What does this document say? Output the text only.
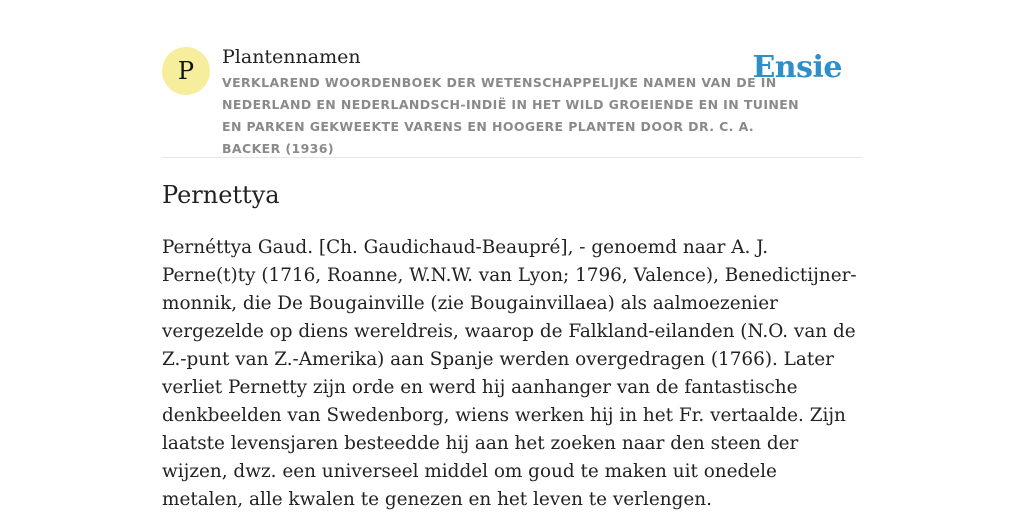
P	Plantennamen
VERKLAREND WOORDENBOEK DER WETENSCHAPPELIJKE NAMEN VAN DE IN NEDERLAND EN NEDERLANDSCH-INDIË IN HET WILD GROEIENDE EN IN TUINEN EN PARKEN GEKWEEKTE VARENS EN HOOGERE PLANTEN DOOR DR. C. A. BACKER (1936)
Ensie
Pernettya

Pernéttya Gaud. [Ch. Gaudichaud-Beaupré], - genoemd naar A. J. Perne(t)ty (1716, Roanne, W.N.W. van Lyon; 1796, Valence), Benedictijner-monnik, die De Bougainville (zie Bougainvillaea) als aalmoezenier vergezelde op diens wereldreis, waarop de Falkland-eilanden (N.O. van de Z.-punt van Z.-Amerika) aan Spanje werden overgedragen (1766). Later verliet Pernetty zijn orde en werd hij aanhanger van de fantastische denkbeelden van Swedenborg, wiens werken hij in het Fr. vertaalde. Zijn laatste levensjaren besteedde hij aan het zoeken naar den steen der wijzen, dwz. een universeel middel om goud te maken uit onedele metalen, alle kwalen te genezen en het leven te verlengen.
